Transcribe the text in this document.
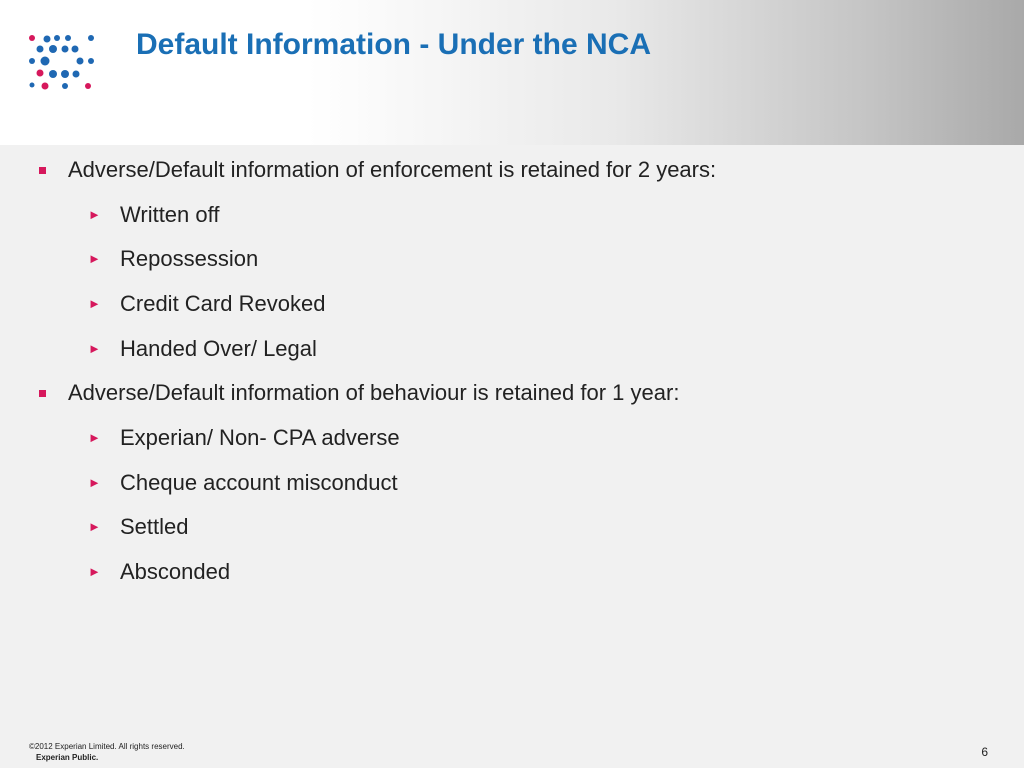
Default Information - Under the NCA
Adverse/Default information of enforcement is retained for 2 years:
► Written off
► Repossession
► Credit Card Revoked
► Handed Over/ Legal
Adverse/Default information of behaviour is retained for 1 year:
► Experian/ Non- CPA adverse
► Cheque account misconduct
► Settled
► Absconded
©2012 Experian Limited. All rights reserved.
Experian Public.	6
